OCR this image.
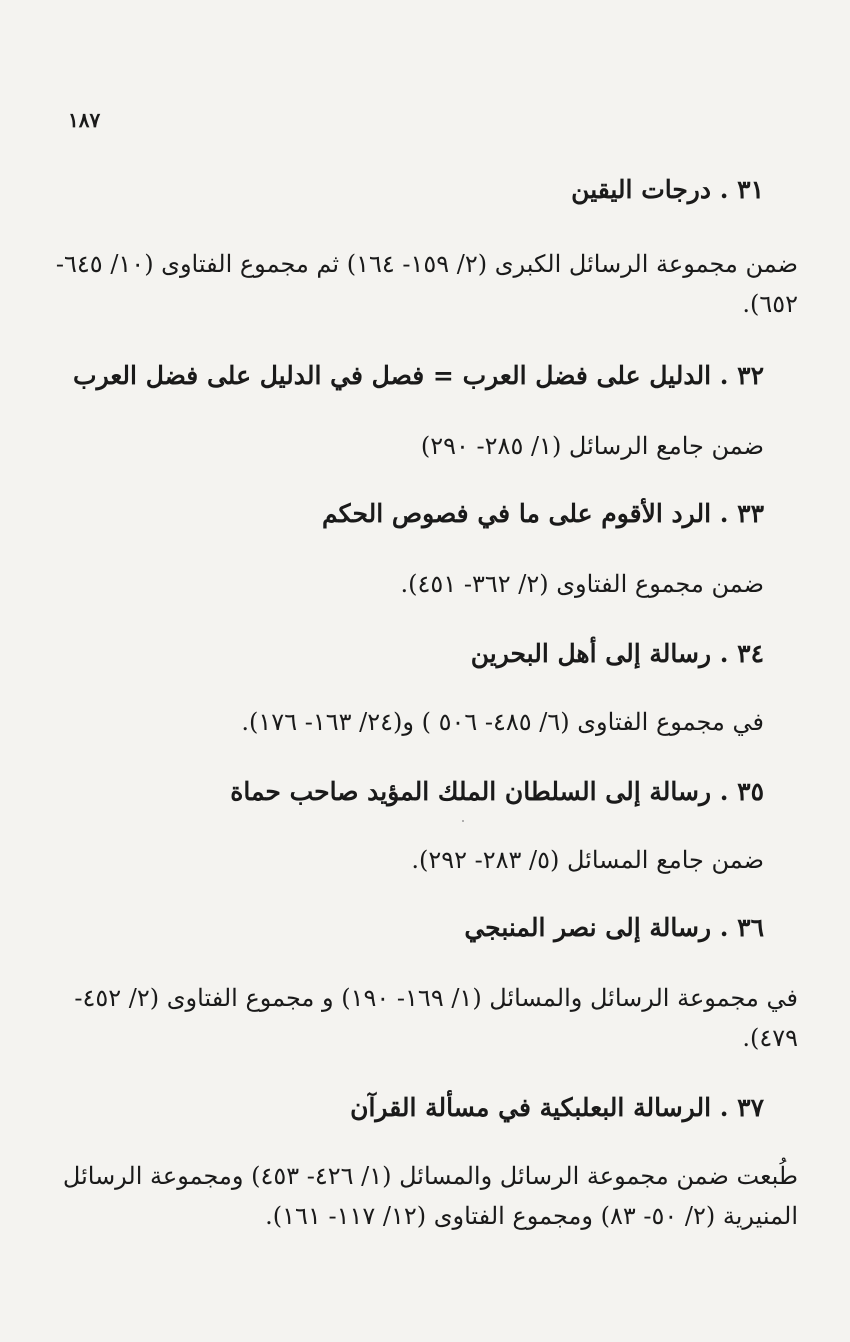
١٨٧
٣١ . درجات اليقين
ضمن مجموعة الرسائل الكبرى (٢/ ١٥٩- ١٦٤) ثم مجموع الفتاوى (١٠/ ٦٤٥- ٦٥٢).
٣٢ . الدليل على فضل العرب = فصل في الدليل على فضل العرب
ضمن جامع الرسائل (١/ ٢٨٥- ٢٩٠)
٣٣ . الرد الأقوم على ما في فصوص الحكم
ضمن مجموع الفتاوى (٢/ ٣٦٢- ٤٥١).
٣٤ . رسالة إلى أهل البحرين
في مجموع الفتاوى (٦/ ٤٨٥- ٥٠٦ ) و(٢٤/ ١٦٣- ١٧٦).
٣٥ . رسالة إلى السلطان الملك المؤيد صاحب حماة
ضمن جامع المسائل (٥/ ٢٨٣- ٢٩٢).
٣٦ . رسالة إلى نصر المنبجي
في مجموعة الرسائل والمسائل (١/ ١٦٩- ١٩٠) و مجموع الفتاوى (٢/ ٤٥٢- ٤٧٩).
٣٧ . الرسالة البعلبكية في مسألة القرآن
طُبعت ضمن مجموعة الرسائل والمسائل (١/ ٤٢٦- ٤٥٣) ومجموعة الرسائل المنيرية (٢/ ٥٠- ٨٣) ومجموع الفتاوى (١٢/ ١١٧- ١٦١).
